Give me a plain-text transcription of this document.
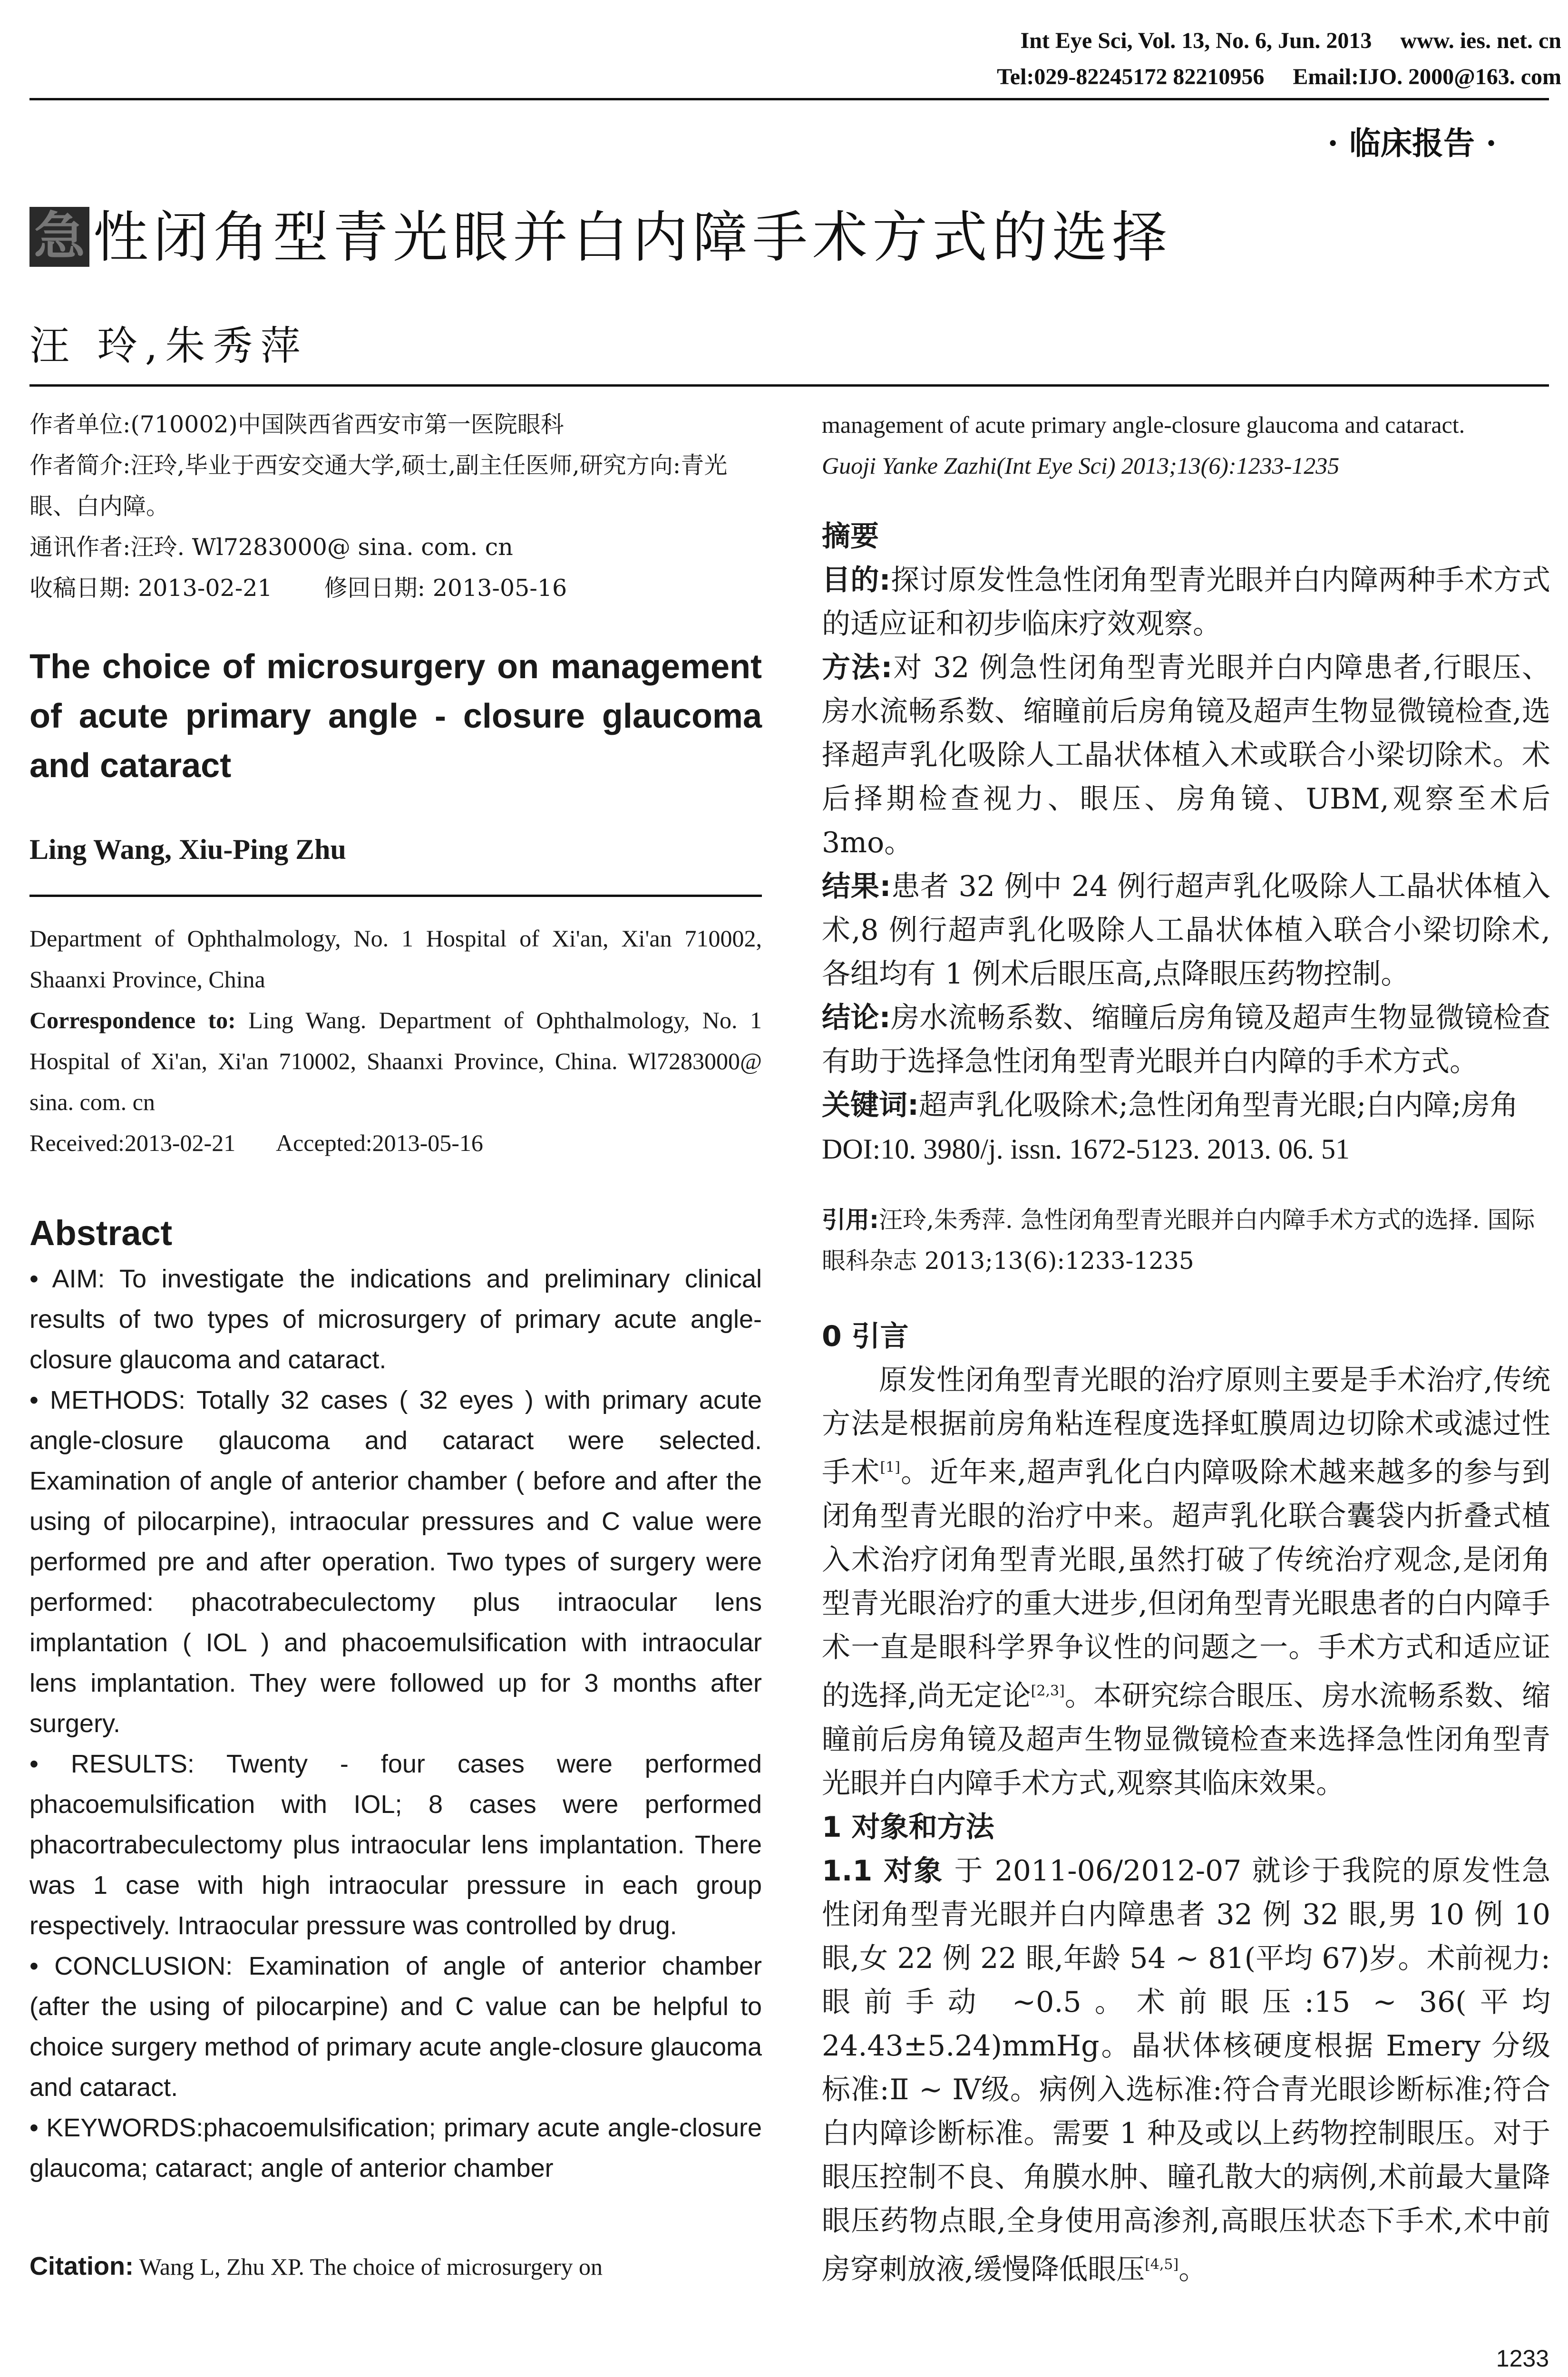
Int Eye Sci, Vol. 13, No. 6, Jun. 2013 www. ies. net. cn
Tel:029-82245172 82210956 Email:IJO. 2000@163. com
· 临床报告 ·
急 性闭角型青光眼并白内障手术方式的选择
汪 玲,朱秀萍

作者单位:(710002)中国陕西省西安市第一医院眼科

作者简介:汪玲,毕业于西安交通大学,硕士,副主任医师,研究方向:青光眼、白内障。

通讯作者:汪玲. Wl7283000@ sina. com. cn

收稿日期: 2013-02-21       修回日期: 2013-05-16

The choice of microsurgery on management of acute primary angle - closure glaucoma and cataract
Ling Wang, Xiu-Ping Zhu

Department of Ophthalmology, No. 1 Hospital of Xi'an, Xi'an 710002, Shaanxi Province, China

Correspondence to: Ling Wang. Department of Ophthalmology, No. 1 Hospital of Xi'an, Xi'an 710002, Shaanxi Province, China. Wl7283000@ sina. com. cn

Received:2013-02-21       Accepted:2013-05-16

Abstract

• AIM: To investigate the indications and preliminary clinical results of two types of microsurgery of primary acute angle-closure glaucoma and cataract.

• METHODS: Totally 32 cases ( 32 eyes ) with primary acute angle-closure glaucoma and cataract were selected. Examination of angle of anterior chamber ( before and after the using of pilocarpine), intraocular pressures and C value were performed pre and after operation. Two types of surgery were performed: phacotrabeculectomy plus intraocular lens implantation ( IOL ) and phacoemulsification with intraocular lens implantation. They were followed up for 3 months after surgery.

• RESULTS: Twenty - four cases were performed phacoemulsification with IOL; 8 cases were performed phacortrabeculectomy plus intraocular lens implantation. There was 1 case with high intraocular pressure in each group respectively. Intraocular pressure was controlled by drug.

• CONCLUSION: Examination of angle of anterior chamber (after the using of pilocarpine) and C value can be helpful to choice surgery method of primary acute angle-closure glaucoma and cataract.

• KEYWORDS:phacoemulsification; primary acute angle-closure glaucoma; cataract; angle of anterior chamber

Citation: Wang L, Zhu XP. The choice of microsurgery on

management of acute primary angle-closure glaucoma and cataract.

Guoji Yanke Zazhi(Int Eye Sci) 2013;13(6):1233-1235

摘要

目的:探讨原发性急性闭角型青光眼并白内障两种手术方式的适应证和初步临床疗效观察。

方法:对 32 例急性闭角型青光眼并白内障患者,行眼压、房水流畅系数、缩瞳前后房角镜及超声生物显微镜检查,选择超声乳化吸除人工晶状体植入术或联合小梁切除术。术后择期检查视力、眼压、房角镜、UBM,观察至术后 3mo。

结果:患者 32 例中 24 例行超声乳化吸除人工晶状体植入术,8 例行超声乳化吸除人工晶状体植入联合小梁切除术,各组均有 1 例术后眼压高,点降眼压药物控制。

结论:房水流畅系数、缩瞳后房角镜及超声生物显微镜检查有助于选择急性闭角型青光眼并白内障的手术方式。

关键词:超声乳化吸除术;急性闭角型青光眼;白内障;房角

DOI:10. 3980/j. issn. 1672-5123. 2013. 06. 51

引用:汪玲,朱秀萍. 急性闭角型青光眼并白内障手术方式的选择. 国际眼科杂志 2013;13(6):1233-1235

0 引言

原发性闭角型青光眼的治疗原则主要是手术治疗,传统方法是根据前房角粘连程度选择虹膜周边切除术或滤过性手术[1]。近年来,超声乳化白内障吸除术越来越多的参与到闭角型青光眼的治疗中来。超声乳化联合囊袋内折叠式植入术治疗闭角型青光眼,虽然打破了传统治疗观念,是闭角型青光眼治疗的重大进步,但闭角型青光眼患者的白内障手术一直是眼科学界争议性的问题之一。手术方式和适应证的选择,尚无定论[2,3]。本研究综合眼压、房水流畅系数、缩瞳前后房角镜及超声生物显微镜检查来选择急性闭角型青光眼并白内障手术方式,观察其临床效果。

1 对象和方法

1.1 对象 于 2011-06/2012-07 就诊于我院的原发性急性闭角型青光眼并白内障患者 32 例 32 眼,男 10 例 10 眼,女 22 例 22 眼,年龄 54 ~ 81(平均 67)岁。术前视力:眼前手动 ~0.5。术前眼压:15 ~ 36(平均 24.43±5.24)mmHg。晶状体核硬度根据 Emery 分级标准:Ⅱ ~ Ⅳ级。病例入选标准:符合青光眼诊断标准;符合白内障诊断标准。需要 1 种及或以上药物控制眼压。对于眼压控制不良、角膜水肿、瞳孔散大的病例,术前最大量降眼压药物点眼,全身使用高渗剂,高眼压状态下手术,术中前房穿刺放液,缓慢降低眼压[4,5]。

1233
